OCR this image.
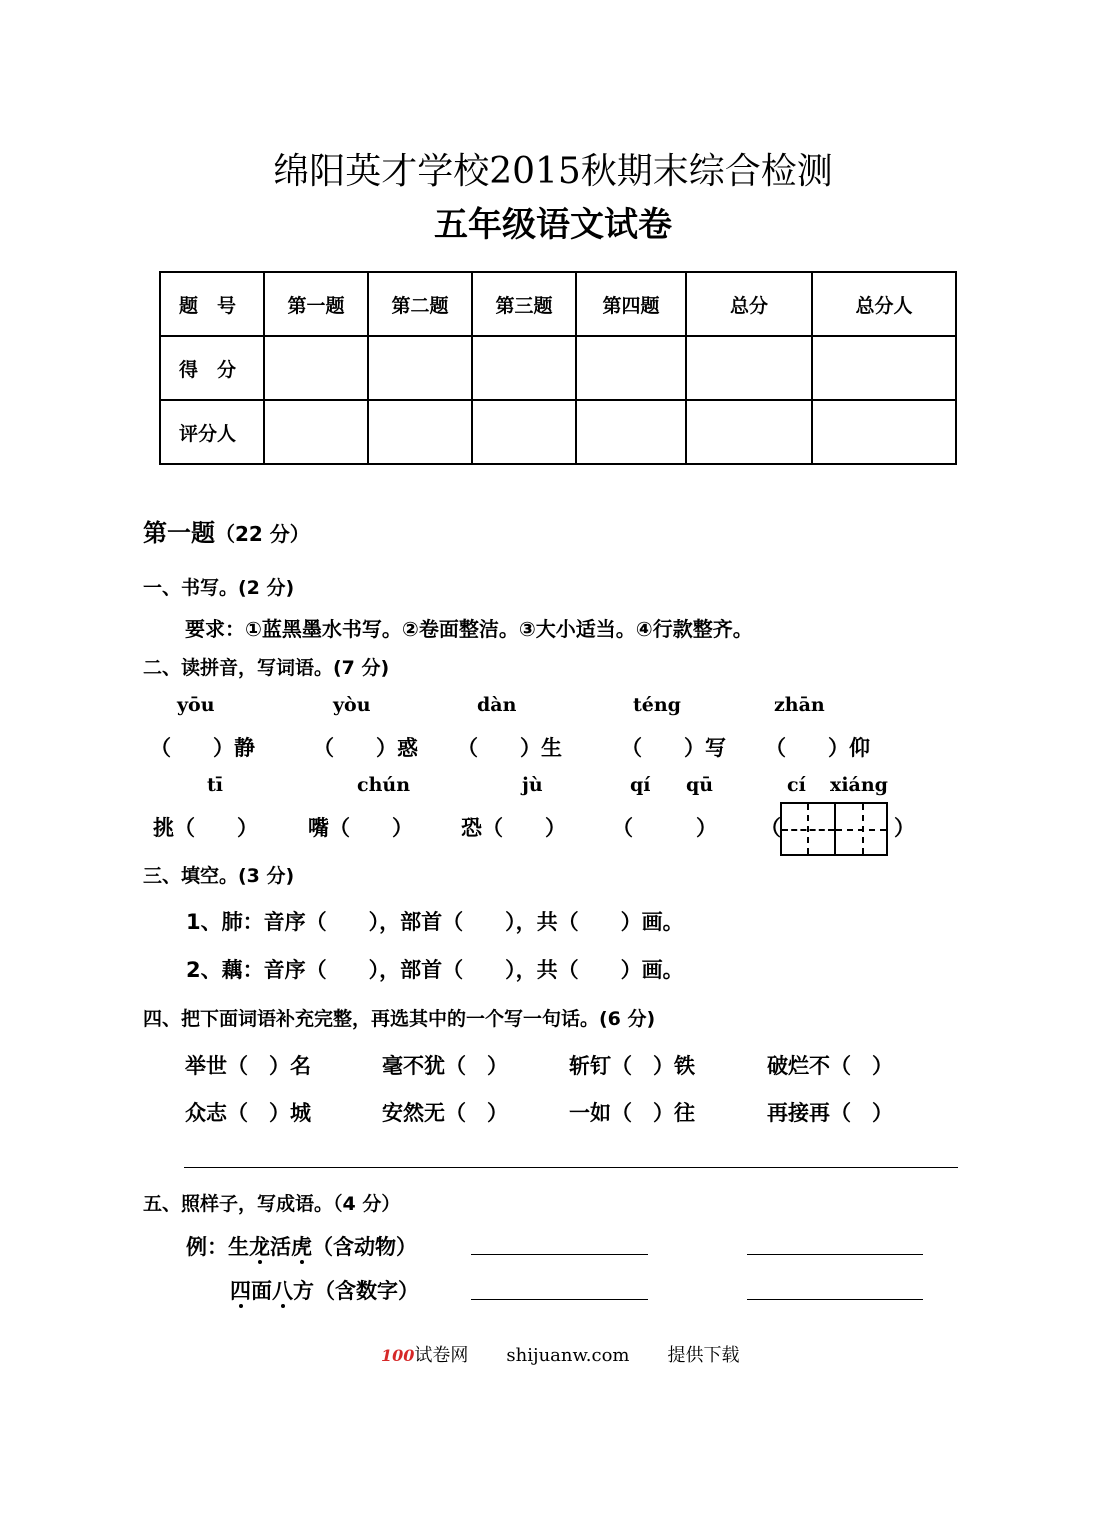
绵阳英才学校2015秋期末综合检测
五年级语文试卷
题　号	第一题	第二题	第三题	第四题	总分	总分人
得　分						
评分人						
第一题（22 分）
一、书写。(2 分)
要求：①蓝黑墨水书写。②卷面整洁。③大小适当。④行款整齐。
二、读拼音，写词语。(7 分)
yōu	yòu	dàn	téng	zhān
（　　）静	（　　）惑 （　　）生	（　　）写 （　　）仰
tī	chún	jù	qí qū	cí xiáng
挑（　　） 嘴（　　） 恐（　　） （　　　） （	）
三、填空。(3 分)
1、肺：音序（　　），部首（　　），共（　　）画。
2、藕：音序（　　），部首（　　），共（　　）画。
四、把下面词语补充完整，再选其中的一个写一句话。(6 分)
举世（　）名	毫不犹（　）	斩钉（　）铁	破烂不（　）
众志（　）城	安然无（　）	一如（　）往	再接再（　）
五、照样子，写成语。（4 分）
例：生龙活虎（含动物）
四面八方（含数字）
100试卷网 shijuanw.com 提供下载
